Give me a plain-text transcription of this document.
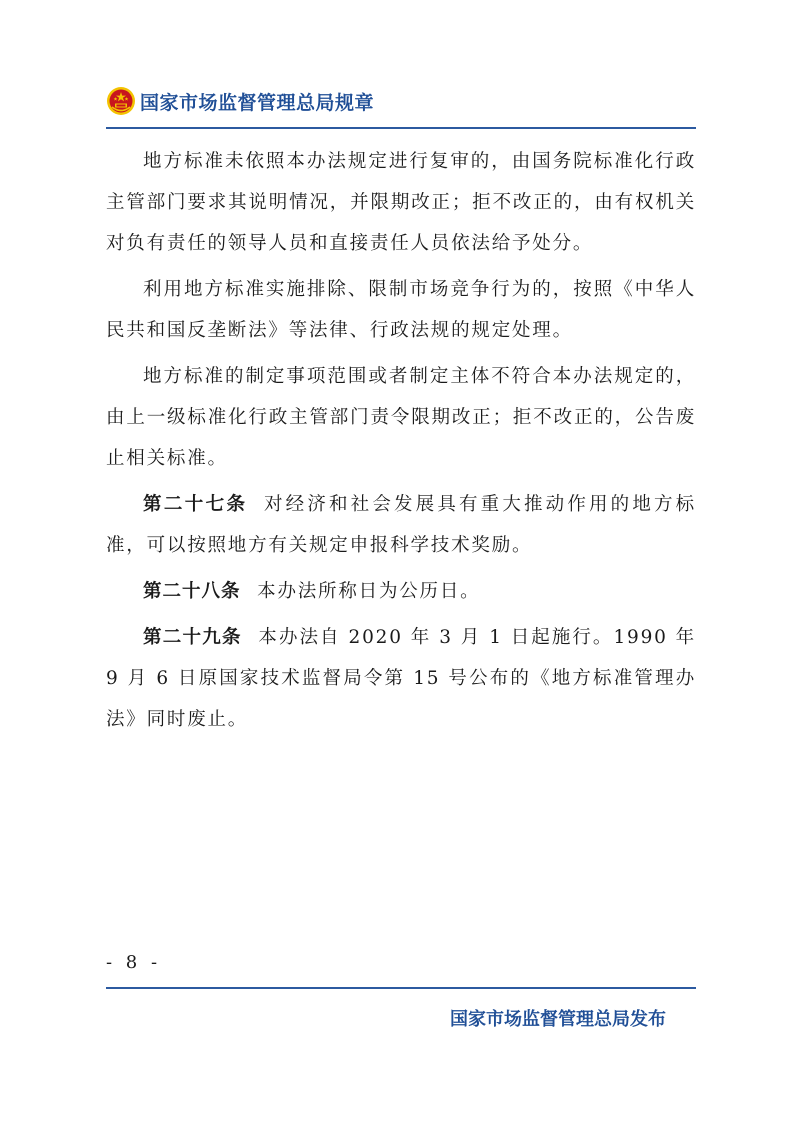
国家市场监督管理总局规章

地方标准未依照本办法规定进行复审的，由国务院标准化行政主管部门要求其说明情况，并限期改正；拒不改正的，由有权机关对负有责任的领导人员和直接责任人员依法给予处分。

利用地方标准实施排除、限制市场竞争行为的，按照《中华人民共和国反垄断法》等法律、行政法规的规定处理。

地方标准的制定事项范围或者制定主体不符合本办法规定的，由上一级标准化行政主管部门责令限期改正；拒不改正的，公告废止相关标准。

第二十七条 对经济和社会发展具有重大推动作用的地方标准，可以按照地方有关规定申报科学技术奖励。

第二十八条 本办法所称日为公历日。

第二十九条 本办法自 2020 年 3 月 1 日起施行。1990 年 9 月 6 日原国家技术监督局令第 15 号公布的《地方标准管理办法》同时废止。

- 8 -
国家市场监督管理总局发布
